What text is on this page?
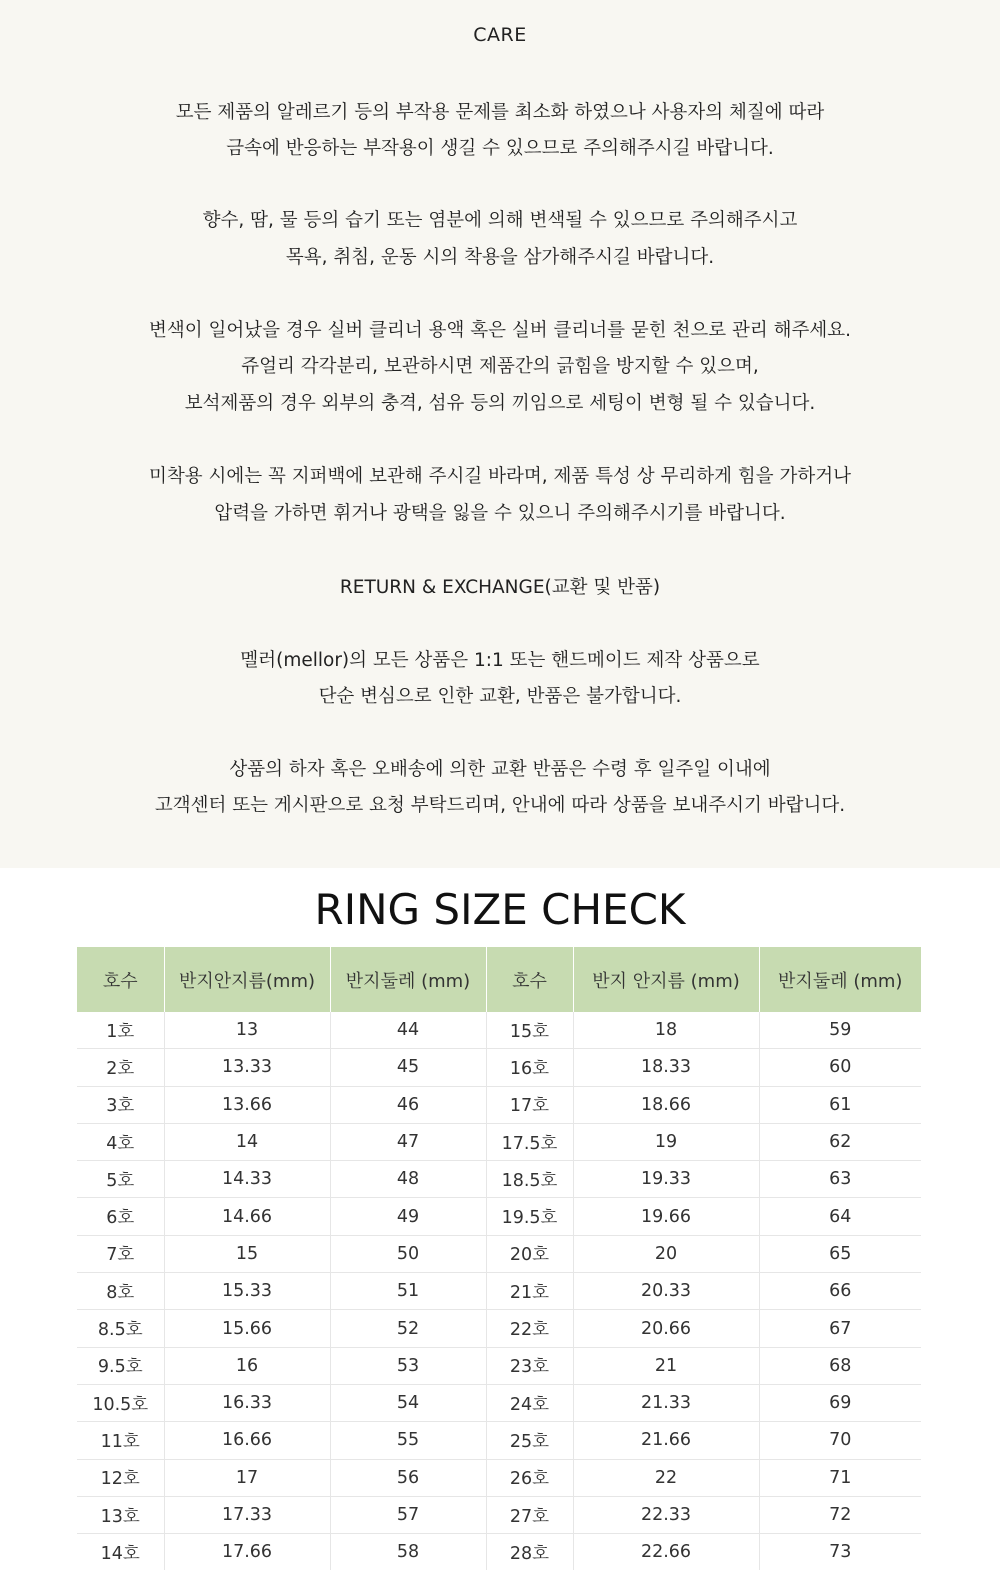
CARE
모든 제품의 알레르기 등의 부작용 문제를 최소화 하였으나 사용자의 체질에 따라
금속에 반응하는 부작용이 생길 수 있으므로 주의해주시길 바랍니다.
향수, 땀, 물 등의 습기 또는 염분에 의해 변색될 수 있으므로 주의해주시고
목욕, 취침, 운동 시의 착용을 삼가해주시길 바랍니다.
변색이 일어났을 경우 실버 클리너 용액 혹은 실버 클리너를 묻힌 천으로 관리 해주세요.
쥬얼리 각각분리, 보관하시면 제품간의 긁힘을 방지할 수 있으며,
보석제품의 경우 외부의 충격, 섬유 등의 끼임으로 세팅이 변형 될 수 있습니다.
미착용 시에는 꼭 지퍼백에 보관해 주시길 바라며, 제품 특성 상 무리하게 힘을 가하거나
압력을 가하면 휘거나 광택을 잃을 수 있으니 주의해주시기를 바랍니다.
RETURN & EXCHANGE(교환 및 반품)
멜러(mellor)의 모든 상품은 1:1 또는 핸드메이드 제작 상품으로
단순 변심으로 인한 교환, 반품은 불가합니다.
상품의 하자 혹은 오배송에 의한 교환 반품은 수령 후 일주일 이내에
고객센터 또는 게시판으로 요청 부탁드리며, 안내에 따라 상품을 보내주시기 바랍니다.
RING SIZE CHECK
호수	반지안지름(mm)	반지둘레 (mm)	호수	반지 안지름 (mm)	반지둘레 (mm)
1호	13	44	15호	18	59
2호	13.33	45	16호	18.33	60
3호	13.66	46	17호	18.66	61
4호	14	47	17.5호	19	62
5호	14.33	48	18.5호	19.33	63
6호	14.66	49	19.5호	19.66	64
7호	15	50	20호	20	65
8호	15.33	51	21호	20.33	66
8.5호	15.66	52	22호	20.66	67
9.5호	16	53	23호	21	68
10.5호	16.33	54	24호	21.33	69
11호	16.66	55	25호	21.66	70
12호	17	56	26호	22	71
13호	17.33	57	27호	22.33	72
14호	17.66	58	28호	22.66	73
